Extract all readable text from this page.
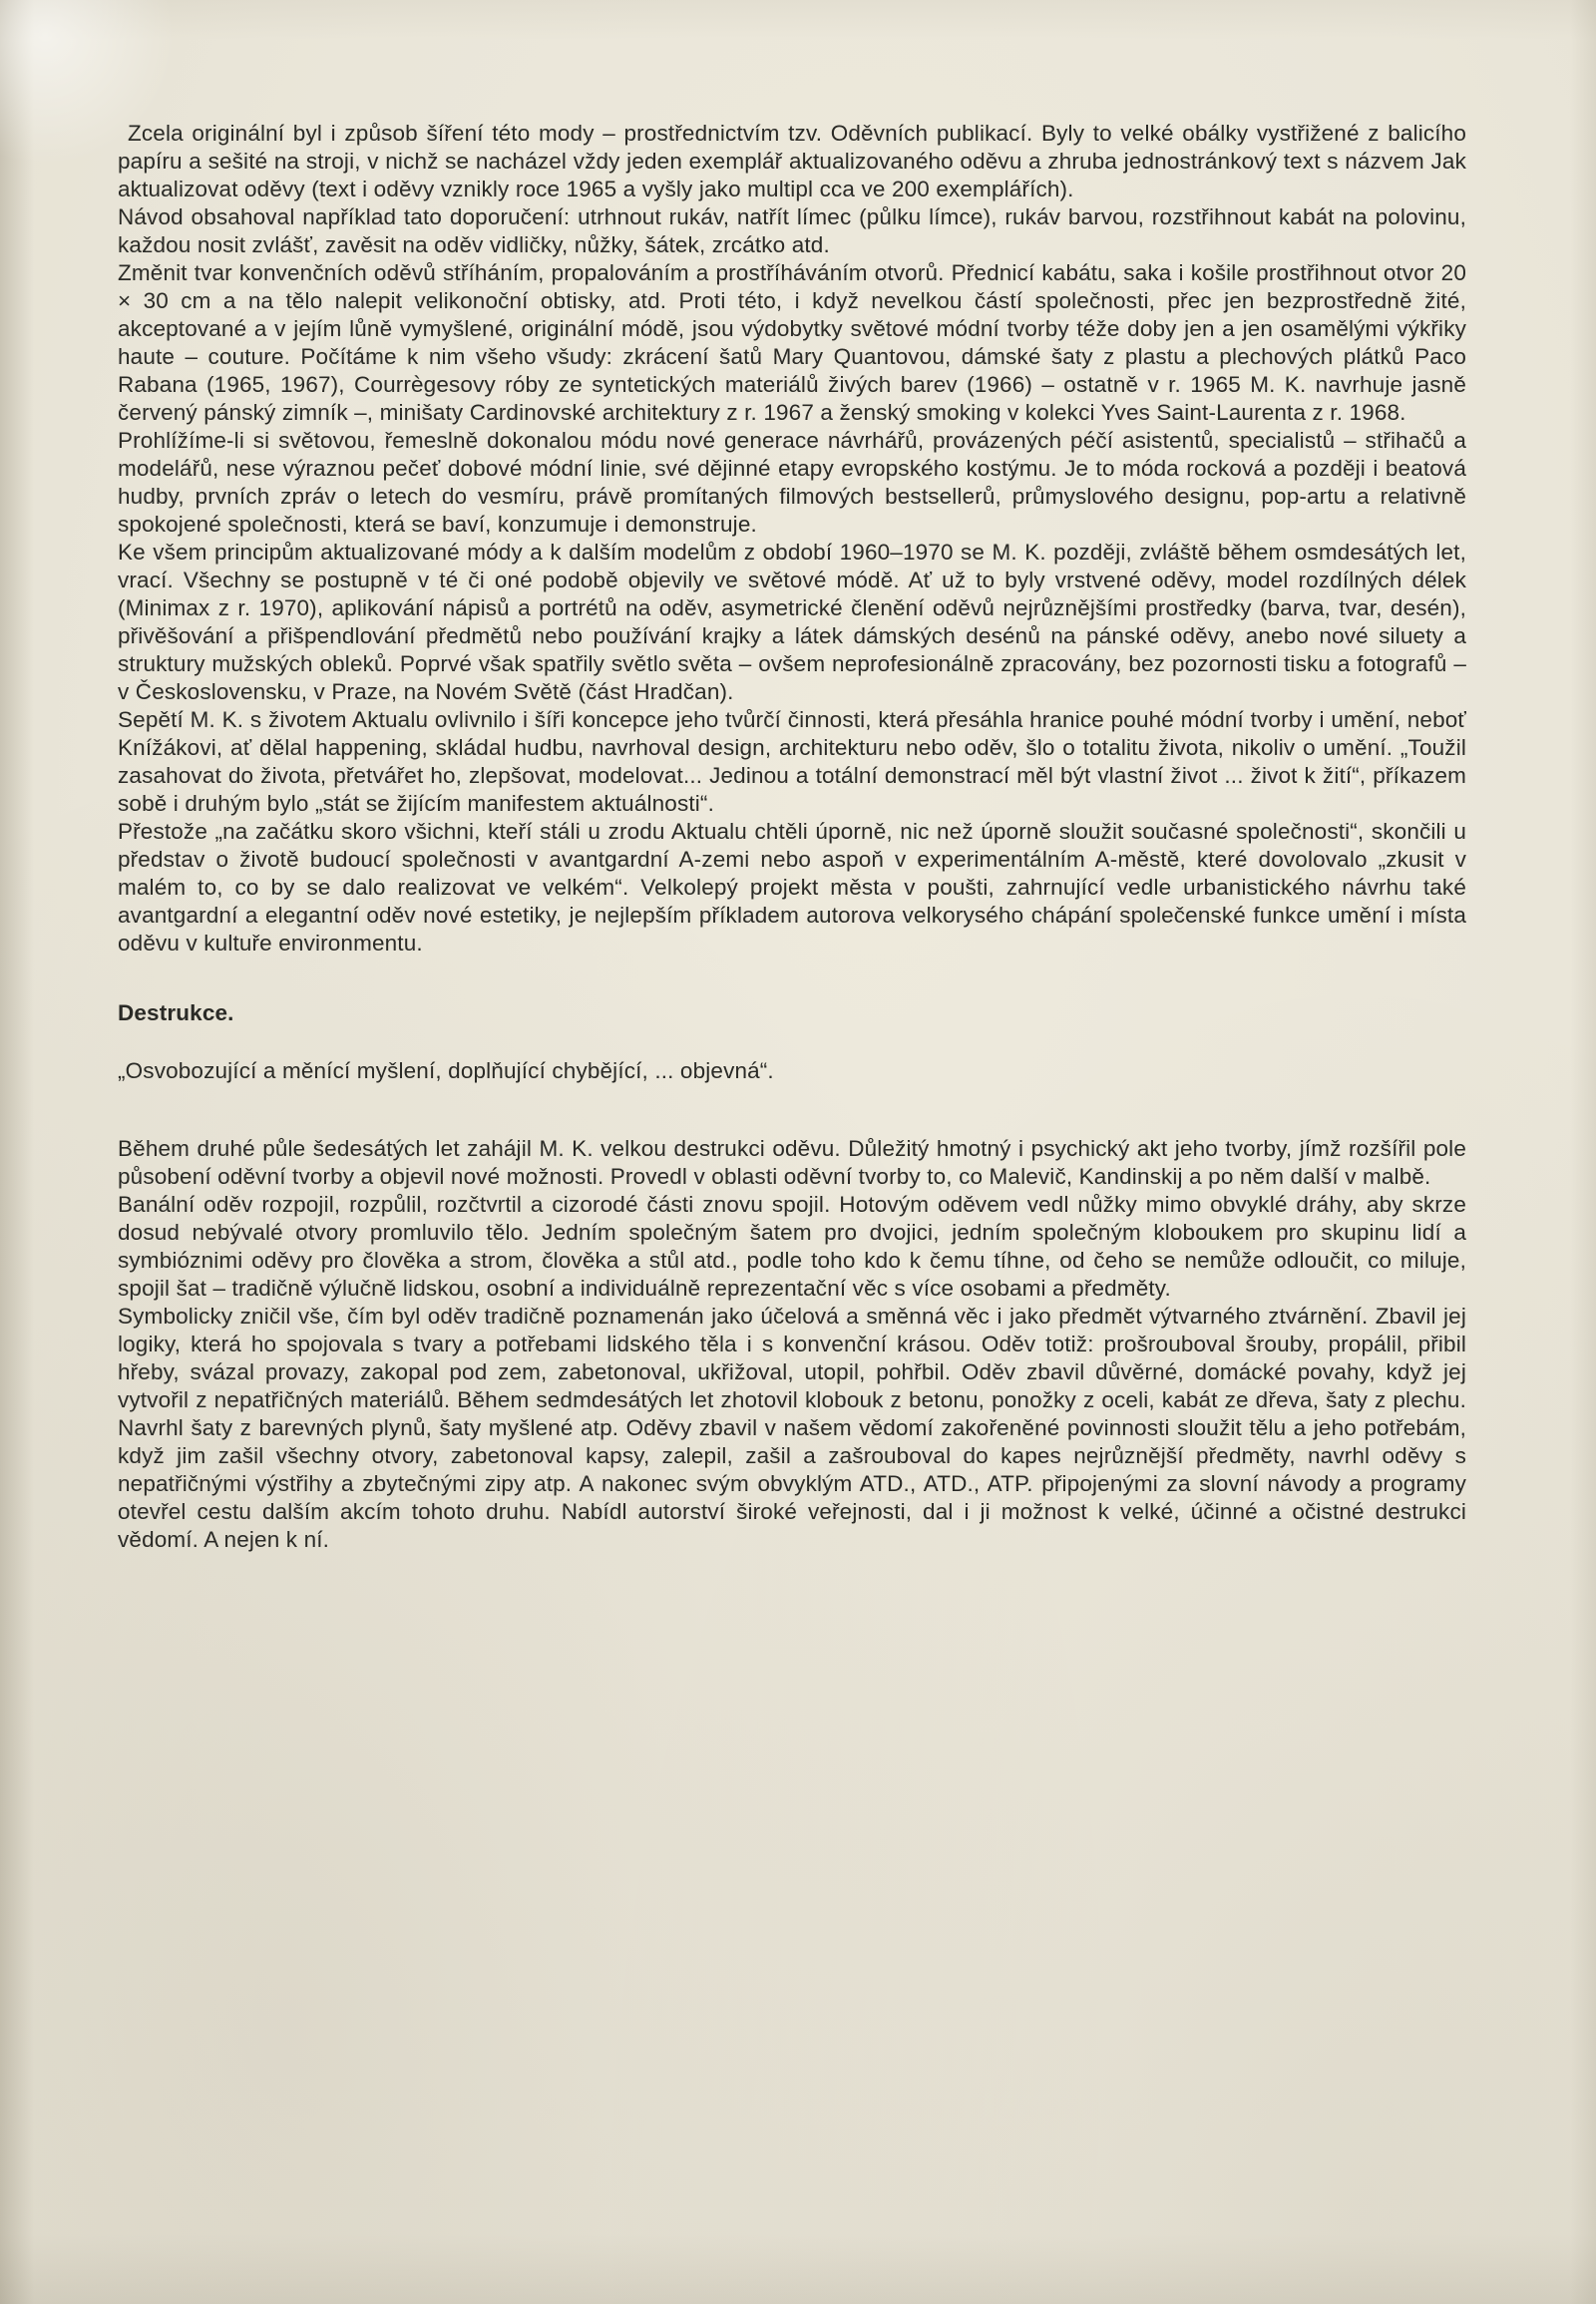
Zcela originální byl i způsob šíření této mody – prostřednictvím tzv. Oděvních publikací. Byly to velké obálky vystřižené z balicího papíru a sešité na stroji, v nichž se nacházel vždy jeden exemplář aktualizovaného oděvu a zhruba jednostránkový text s názvem Jak aktualizovat oděvy (text i oděvy vznikly roce 1965 a vyšly jako multipl cca ve 200 exemplářích).

Návod obsahoval například tato doporučení: utrhnout rukáv, natřít límec (půlku límce), rukáv barvou, rozstřihnout kabát na polovinu, každou nosit zvlášť, zavěsit na oděv vidličky, nůžky, šátek, zrcátko atd.

Změnit tvar konvenčních oděvů stříháním, propalováním a prostříháváním otvorů. Přednicí kabátu, saka i košile prostřihnout otvor 20 × 30 cm a na tělo nalepit velikonoční obtisky, atd. Proti této, i když nevelkou částí společnosti, přec jen bezprostředně žité, akceptované a v jejím lůně vymyšlené, originální módě, jsou výdobytky světové módní tvorby téže doby jen a jen osamělými výkřiky haute – couture. Počítáme k nim všeho všudy: zkrácení šatů Mary Quantovou, dámské šaty z plastu a plechových plátků Paco Rabana (1965, 1967), Courrègesovy róby ze syntetických materiálů živých barev (1966) – ostatně v r. 1965 M. K. navrhuje jasně červený pánský zimník –, minišaty Cardinovské architektury z r. 1967 a ženský smoking v kolekci Yves Saint-Laurenta z r. 1968.

Prohlížíme-li si světovou, řemeslně dokonalou módu nové generace návrhářů, provázených péčí asistentů, specialistů – střihačů a modelářů, nese výraznou pečeť dobové módní linie, své dějinné etapy evropského kostýmu. Je to móda rocková a později i beatová hudby, prvních zpráv o letech do vesmíru, právě promítaných filmových bestsellerů, průmyslového designu, pop-artu a relativně spokojené společnosti, která se baví, konzumuje i demonstruje.

Ke všem principům aktualizované módy a k dalším modelům z období 1960–1970 se M. K. později, zvláště během osmdesátých let, vrací. Všechny se postupně v té či oné podobě objevily ve světové módě. Ať už to byly vrstvené oděvy, model rozdílných délek (Minimax z r. 1970), aplikování nápisů a portrétů na oděv, asymetrické členění oděvů nejrůznějšími prostředky (barva, tvar, desén), přivěšování a přišpendlování předmětů nebo používání krajky a látek dámských desénů na pánské oděvy, anebo nové siluety a struktury mužských obleků. Poprvé však spatřily světlo světa – ovšem neprofesionálně zpracovány, bez pozornosti tisku a fotografů – v Československu, v Praze, na Novém Světě (část Hradčan).

Sepětí M. K. s životem Aktualu ovlivnilo i šíři koncepce jeho tvůrčí činnosti, která přesáhla hranice pouhé módní tvorby i umění, neboť Knížákovi, ať dělal happening, skládal hudbu, navrhoval design, architekturu nebo oděv, šlo o totalitu života, nikoliv o umění. „Toužil zasahovat do života, přetvářet ho, zlepšovat, modelovat... Jedinou a totální demonstrací měl být vlastní život ... život k žití“, příkazem sobě i druhým bylo „stát se žijícím manifestem aktuálnosti“.

Přestože „na začátku skoro všichni, kteří stáli u zrodu Aktualu chtěli úporně, nic než úporně sloužit současné společnosti“, skončili u představ o životě budoucí společnosti v avantgardní A-zemi nebo aspoň v experimentálním A-městě, které dovolovalo „zkusit v malém to, co by se dalo realizovat ve velkém“. Velkolepý projekt města v poušti, zahrnující vedle urbanistického návrhu také avantgardní a elegantní oděv nové estetiky, je nejlepším příkladem autorova velkorysého chápání společenské funkce umění i místa oděvu v kultuře environmentu.

Destrukce.

„Osvobozující a měnící myšlení, doplňující chybějící, ... objevná“.

Během druhé půle šedesátých let zahájil M. K. velkou destrukci oděvu. Důležitý hmotný i psychický akt jeho tvorby, jímž rozšířil pole působení oděvní tvorby a objevil nové možnosti. Provedl v oblasti oděvní tvorby to, co Malevič, Kandinskij a po něm další v malbě.

Banální oděv rozpojil, rozpůlil, rozčtvrtil a cizorodé části znovu spojil. Hotovým oděvem vedl nůžky mimo obvyklé dráhy, aby skrze dosud nebývalé otvory promluvilo tělo. Jedním společným šatem pro dvojici, jedním společným kloboukem pro skupinu lidí a symbióznimi oděvy pro člověka a strom, člověka a stůl atd., podle toho kdo k čemu tíhne, od čeho se nemůže odloučit, co miluje, spojil šat – tradičně výlučně lidskou, osobní a individuálně reprezentační věc s více osobami a předměty.

Symbolicky zničil vše, čím byl oděv tradičně poznamenán jako účelová a směnná věc i jako předmět výtvarného ztvárnění. Zbavil jej logiky, která ho spojovala s tvary a potřebami lidského těla i s konvenční krásou. Oděv totiž: prošrouboval šrouby, propálil, přibil hřeby, svázal provazy, zakopal pod zem, zabetonoval, ukřižoval, utopil, pohřbil. Oděv zbavil důvěrné, domácké povahy, když jej vytvořil z nepatřičných materiálů. Během sedmdesátých let zhotovil klobouk z betonu, ponožky z oceli, kabát ze dřeva, šaty z plechu. Navrhl šaty z barevných plynů, šaty myšlené atp. Oděvy zbavil v našem vědomí zakořeněné povinnosti sloužit tělu a jeho potřebám, když jim zašil všechny otvory, zabetonoval kapsy, zalepil, zašil a zašrouboval do kapes nejrůznější předměty, navrhl oděvy s nepatřičnými výstřihy a zbytečnými zipy atp. A nakonec svým obvyklým ATD., ATD., ATP. připojenými za slovní návody a programy otevřel cestu dalším akcím tohoto druhu. Nabídl autorství široké veřejnosti, dal i ji možnost k velké, účinné a očistné destrukci vědomí. A nejen k ní.
